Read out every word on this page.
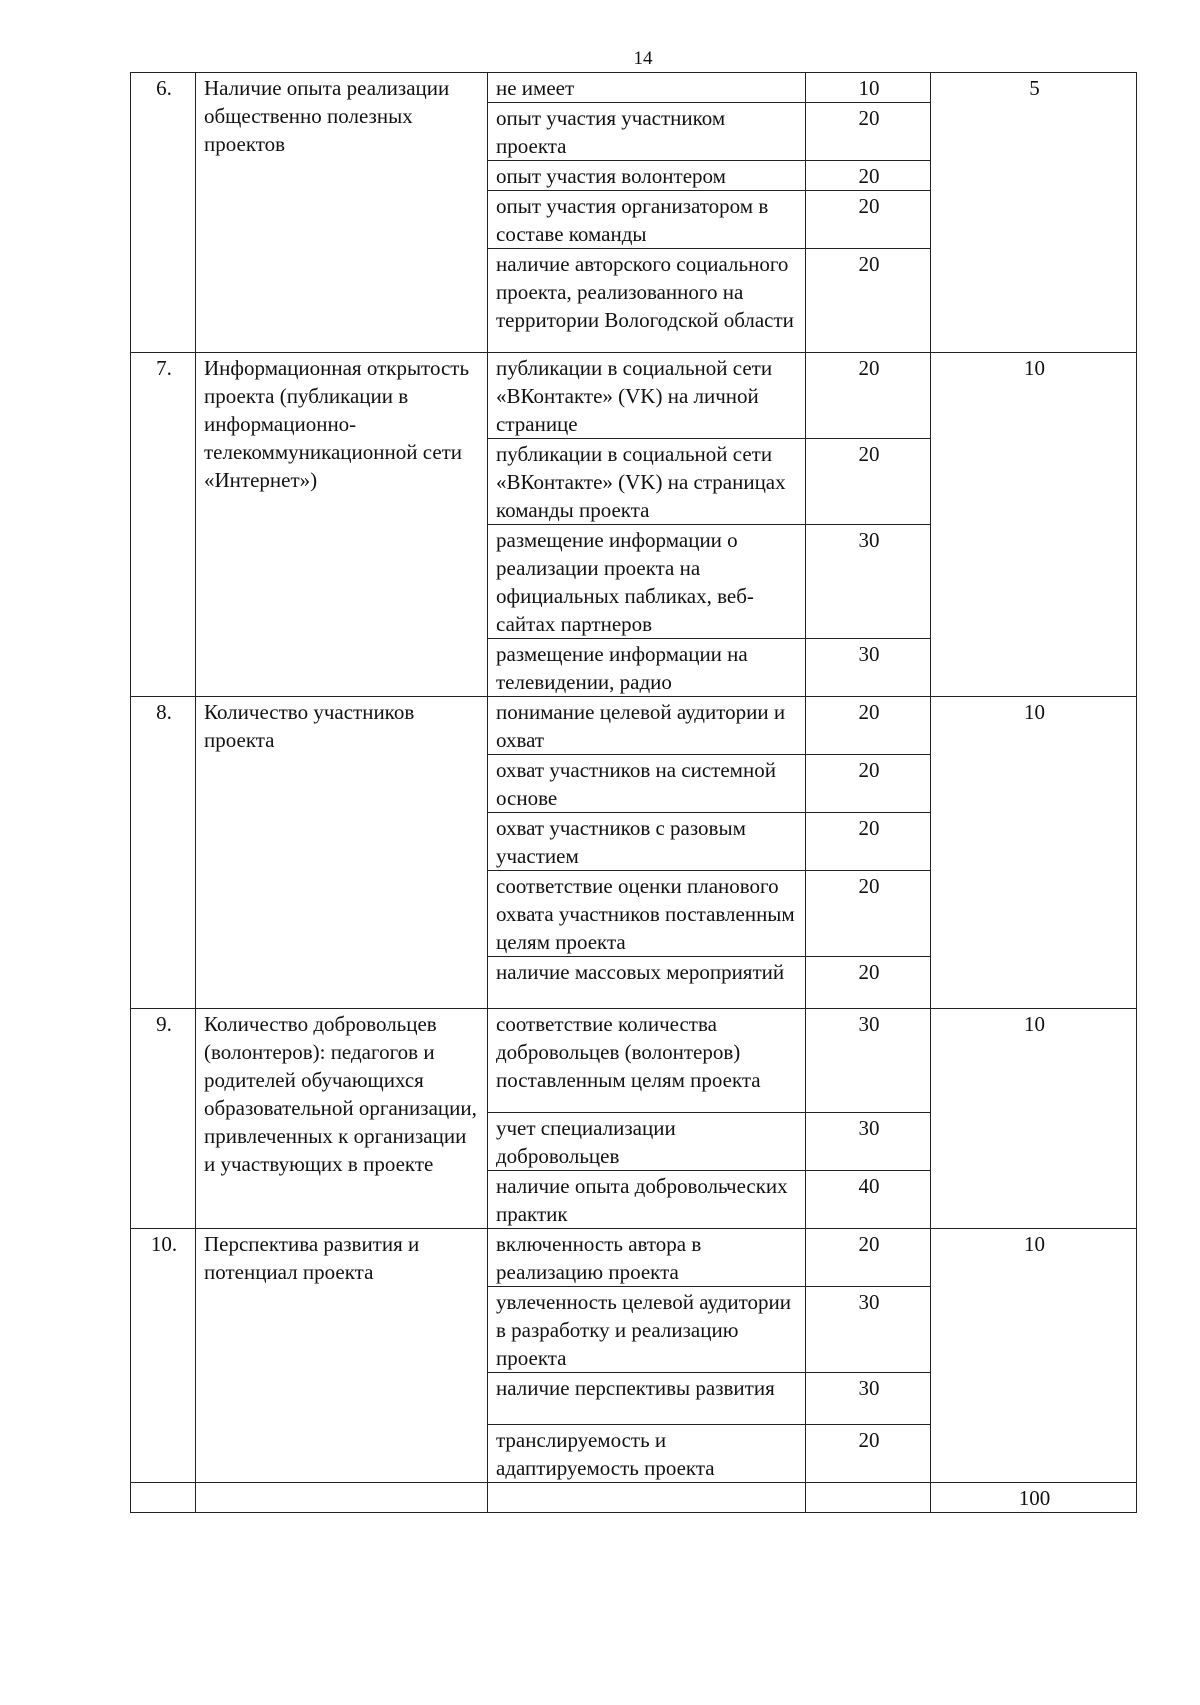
14
6.	Наличие опыта реализации общественно полезных проектов	не имеет	10	5
		опыт участия участником проекта	20	
		опыт участия волонтером	20	
		опыт участия организатором в составе команды	20	
		наличие авторского социального проекта, реализованного на территории Вологодской области	20	
7.	Информационная открытость проекта (публикации в информационно-телекоммуникационной сети «Интернет»)	публикации в социальной сети «ВКонтакте» (VK) на личной странице	20	10
		публикации в социальной сети «ВКонтакте» (VK) на страницах команды проекта	20	
		размещение информации о реализации проекта на официальных пабликах, веб-сайтах партнеров	30	
		размещение информации на телевидении, радио	30	
8.	Количество участников проекта	понимание целевой аудитории и охват	20	10
		охват участников на системной основе	20	
		охват участников с разовым участием	20	
		соответствие оценки планового охвата участников поставленным целям проекта	20	
		наличие массовых мероприятий	20	
9.	Количество добровольцев (волонтеров): педагогов и родителей обучающихся образовательной организации, привлеченных к организации и участвующих в проекте	соответствие количества добровольцев (волонтеров) поставленным целям проекта	30	10
		учет специализации добровольцев	30	
		наличие опыта добровольческих практик	40	
10.	Перспектива развития и потенциал проекта	включенность автора в реализацию проекта	20	10
		увлеченность целевой аудитории в разработку и реализацию проекта	30	
		наличие перспективы развития	30	
		транслируемость и адаптируемость проекта	20	
				100
